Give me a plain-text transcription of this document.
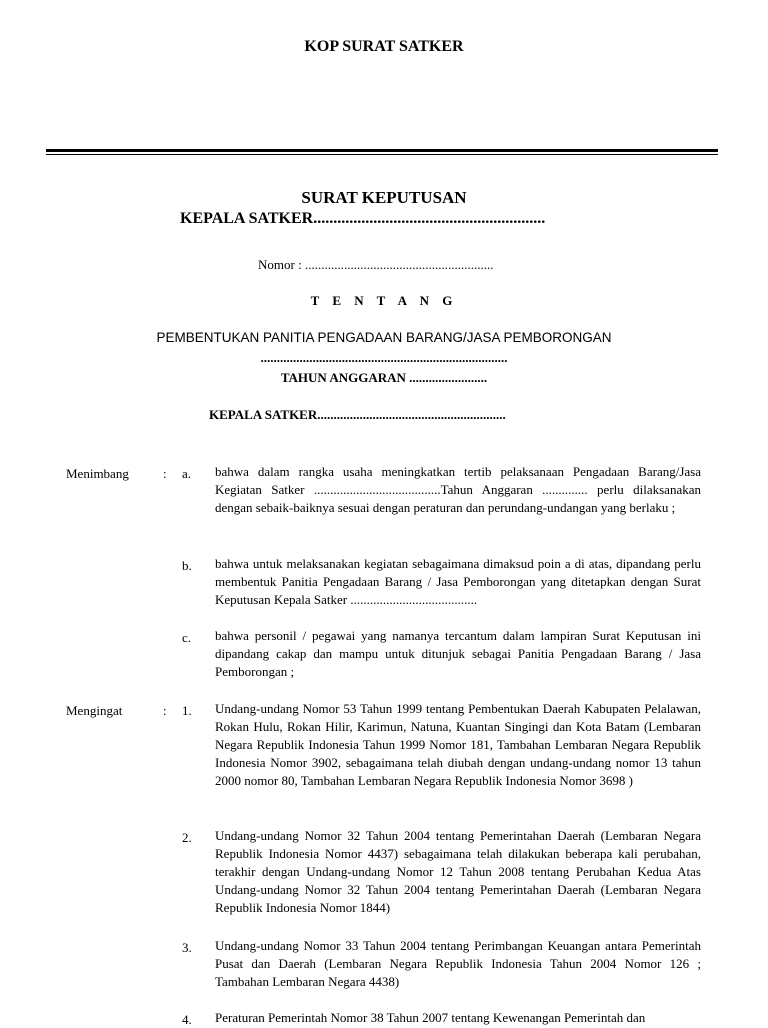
KOP SURAT SATKER
SURAT KEPUTUSAN
KEPALA SATKER..........................................................
Nomor : ..........................................................
T E N T A N G
PEMBENTUKAN PANITIA PENGADAAN BARANG/JASA PEMBORONGAN
............................................................................
TAHUN ANGGARAN ........................
KEPALA SATKER..........................................................
Menimbang	: a. bahwa dalam rangka usaha meningkatkan tertib pelaksanaan Pengadaan Barang/Jasa Kegiatan Satker .......................................Tahun Anggaran .............. perlu dilaksanakan dengan sebaik-baiknya sesuai dengan peraturan dan perundang-undangan yang berlaku ;
b. bahwa untuk melaksanakan kegiatan sebagaimana dimaksud poin a di atas, dipandang perlu membentuk Panitia Pengadaan Barang / Jasa Pemborongan yang ditetapkan dengan Surat Keputusan Kepala Satker .......................................
c. bahwa personil / pegawai yang namanya tercantum dalam lampiran Surat Keputusan ini dipandang cakap dan mampu untuk ditunjuk sebagai Panitia Pengadaan Barang / Jasa Pemborongan ;
Mengingat	: 1. Undang-undang Nomor 53 Tahun 1999 tentang Pembentukan Daerah Kabupaten Pelalawan, Rokan Hulu, Rokan Hilir, Karimun, Natuna, Kuantan Singingi dan Kota Batam (Lembaran Negara Republik Indonesia Tahun 1999 Nomor 181, Tambahan Lembaran Negara Republik Indonesia Nomor 3902, sebagaimana telah diubah dengan undang-undang nomor 13 tahun 2000 nomor 80, Tambahan Lembaran Negara Republik Indonesia Nomor 3698 )
2. Undang-undang Nomor 32 Tahun 2004 tentang Pemerintahan Daerah (Lembaran Negara Republik Indonesia Nomor 4437) sebagaimana telah dilakukan beberapa kali perubahan, terakhir dengan Undang-undang Nomor 12 Tahun 2008 tentang Perubahan Kedua Atas Undang-undang Nomor 32 Tahun 2004 tentang Pemerintahan Daerah (Lembaran Negara Republik Indonesia Nomor 1844)
3. Undang-undang Nomor 33 Tahun 2004 tentang Perimbangan Keuangan antara Pemerintah Pusat dan Daerah (Lembaran Negara Republik Indonesia Tahun 2004 Nomor 126 ; Tambahan Lembaran Negara 4438)
4. Peraturan Pemerintah Nomor 38 Tahun 2007 tentang Kewenangan Pemerintah dan
